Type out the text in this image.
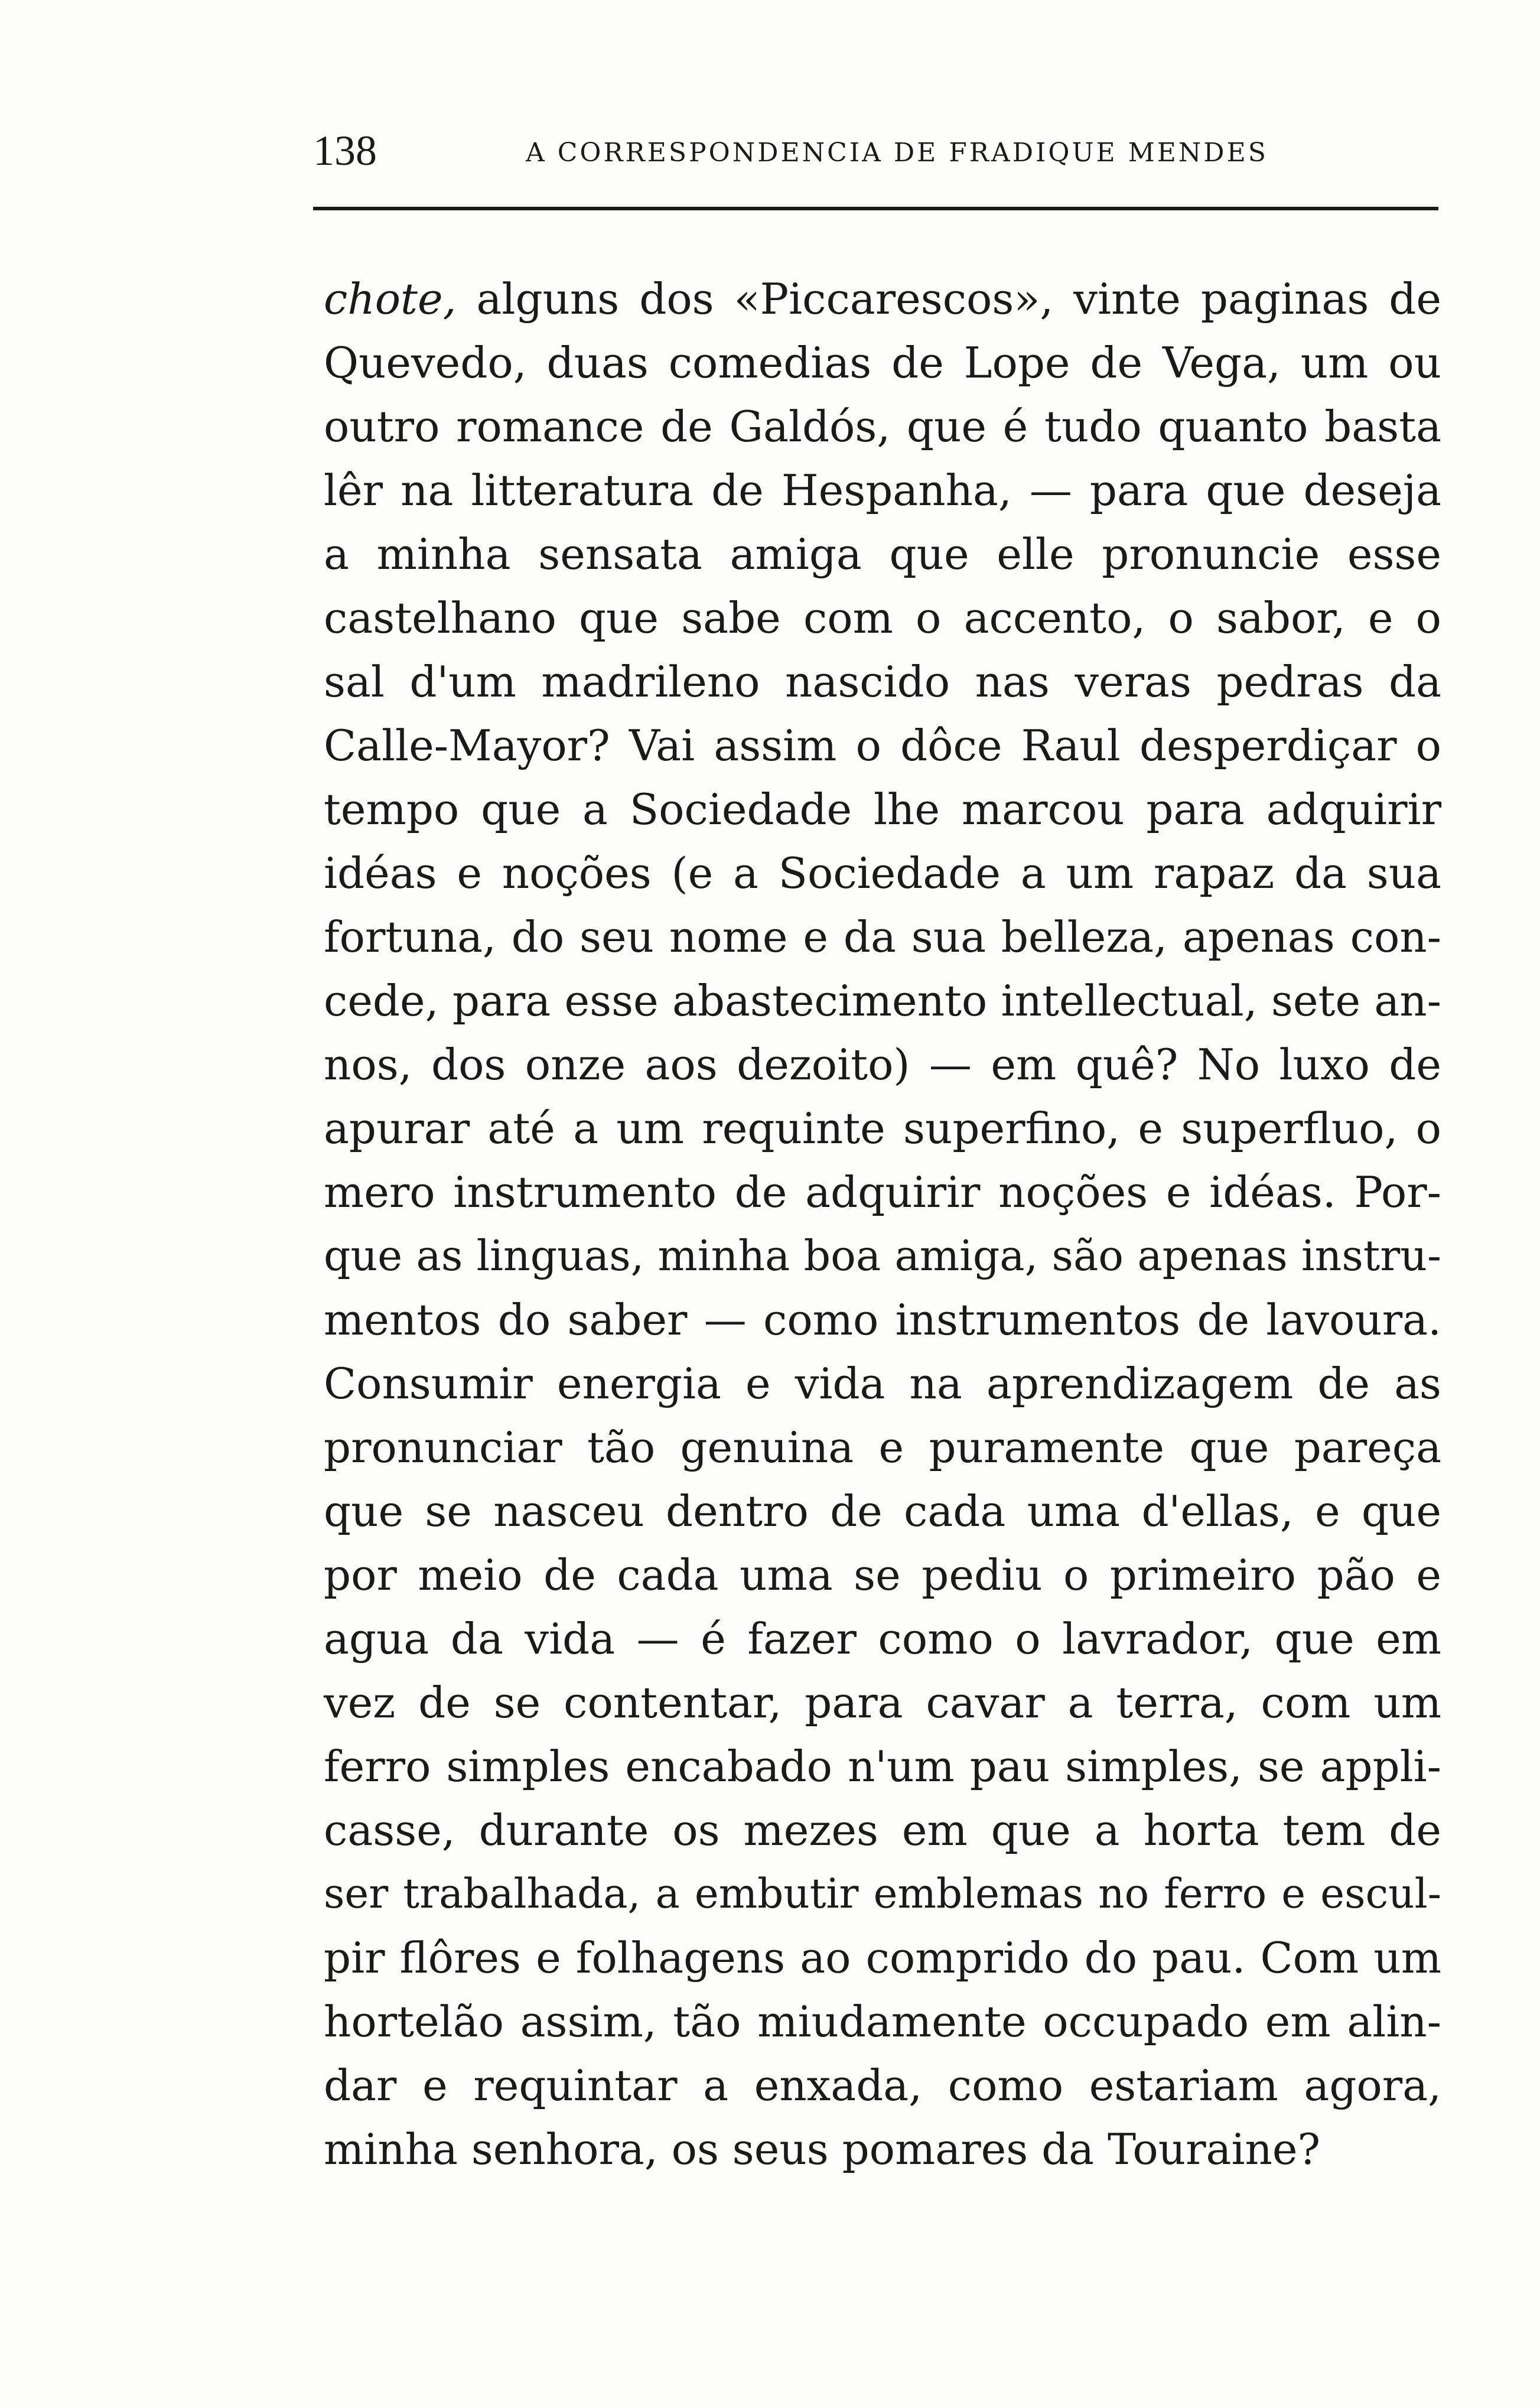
138	A CORRESPONDENCIA DE FRADIQUE MENDES
chote, alguns dos «Piccarescos», vinte paginas de
Quevedo, duas comedias de Lope de Vega, um ou
outro romance de Galdós, que é tudo quanto basta
lêr na litteratura de Hespanha, — para que deseja
a minha sensata amiga que elle pronuncie esse
castelhano que sabe com o accento, o sabor, e o
sal d'um madrileno nascido nas veras pedras da
Calle-Mayor? Vai assim o dôce Raul desperdiçar o
tempo que a Sociedade lhe marcou para adquirir
idéas e noções (e a Sociedade a um rapaz da sua
fortuna, do seu nome e da sua belleza, apenas con-
cede, para esse abastecimento intellectual, sete an-
nos, dos onze aos dezoito) — em quê? No luxo de
apurar até a um requinte superfino, e superfluo, o
mero instrumento de adquirir noções e idéas. Por-
que as linguas, minha boa amiga, são apenas instru-
mentos do saber — como instrumentos de lavoura.
Consumir energia e vida na aprendizagem de as
pronunciar tão genuina e puramente que pareça
que se nasceu dentro de cada uma d'ellas, e que
por meio de cada uma se pediu o primeiro pão e
agua da vida — é fazer como o lavrador, que em
vez de se contentar, para cavar a terra, com um
ferro simples encabado n'um pau simples, se appli-
casse, durante os mezes em que a horta tem de
ser trabalhada, a embutir emblemas no ferro e escul-
pir flôres e folhagens ao comprido do pau. Com um
hortelão assim, tão miudamente occupado em alin-
dar e requintar a enxada, como estariam agora,
minha senhora, os seus pomares da Touraine?
